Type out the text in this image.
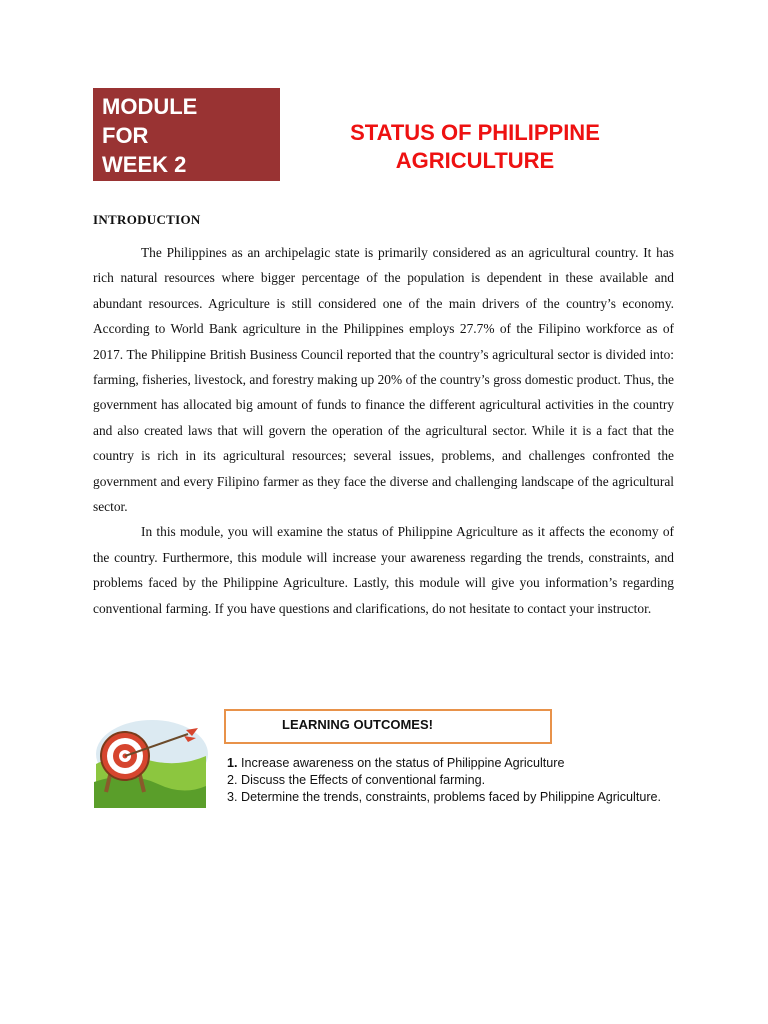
MODULE
FOR
WEEK 2
STATUS OF PHILIPPINE
AGRICULTURE
INTRODUCTION

The Philippines as an archipelagic state is primarily considered as an agricultural country. It has rich natural resources where bigger percentage of the population is dependent in these available and abundant resources. Agriculture is still considered one of the main drivers of the country’s economy. According to World Bank agriculture in the Philippines employs 27.7% of the Filipino workforce as of 2017. The Philippine British Business Council reported that the country’s agricultural sector is divided into: farming, fisheries, livestock, and forestry making up 20% of the country’s gross domestic product. Thus, the government has allocated big amount of funds to finance the different agricultural activities in the country and also created laws that will govern the operation of the agricultural sector. While it is a fact that the country is rich in its agricultural resources; several issues, problems, and challenges confronted the government and every Filipino farmer as they face the diverse and challenging landscape of the agricultural sector.

In this module, you will examine the status of Philippine Agriculture as it affects the economy of the country. Furthermore, this module will increase your awareness regarding the trends, constraints, and problems faced by the Philippine Agriculture. Lastly, this module will give you information’s regarding conventional farming. If you have questions and clarifications, do not hesitate to contact your instructor.

LEARNING OUTCOMES!
1. Increase awareness on the status of Philippine Agriculture
2. Discuss the Effects of conventional farming.
3. Determine the trends, constraints, problems faced by Philippine Agriculture.
